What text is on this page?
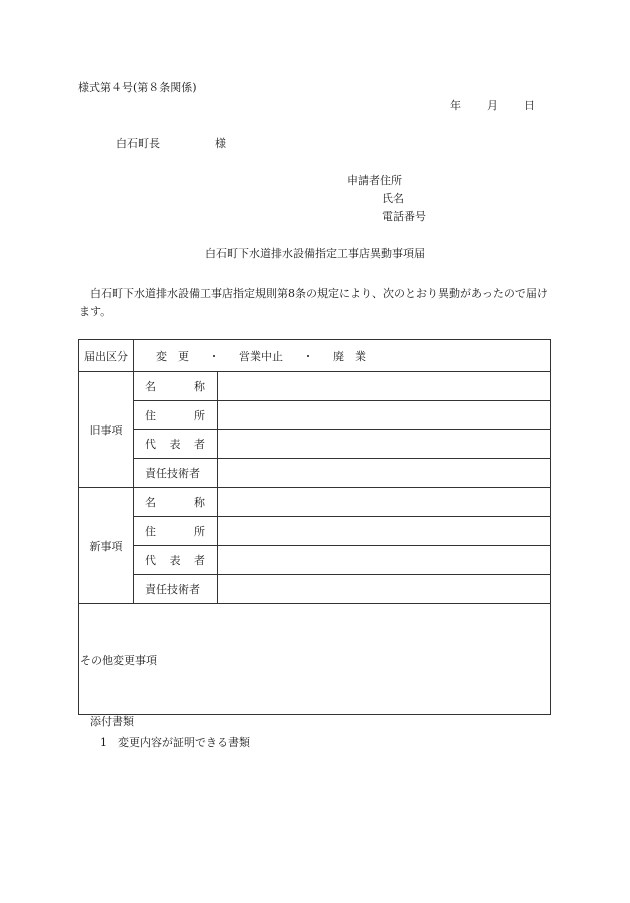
様式第４号(第８条関係)
年 月 日
白石町長	様
申請者住所
氏名
電話番号
白石町下水道排水設備指定工事店異動事項届
白石町下水道排水設備工事店指定規則第8条の規定により、次のとおり異動があったので届けます。
届出区分	変　更 ・ 営業中止 ・ 廃　業	

旧事項	名 称	

	住 所	

	代 表 者	

	責任技術者	

新事項	名 称	

	住 所	

	代 表 者	

	責任技術者	

その他変更事項		
添付書類
1 変更内容が証明できる書類
